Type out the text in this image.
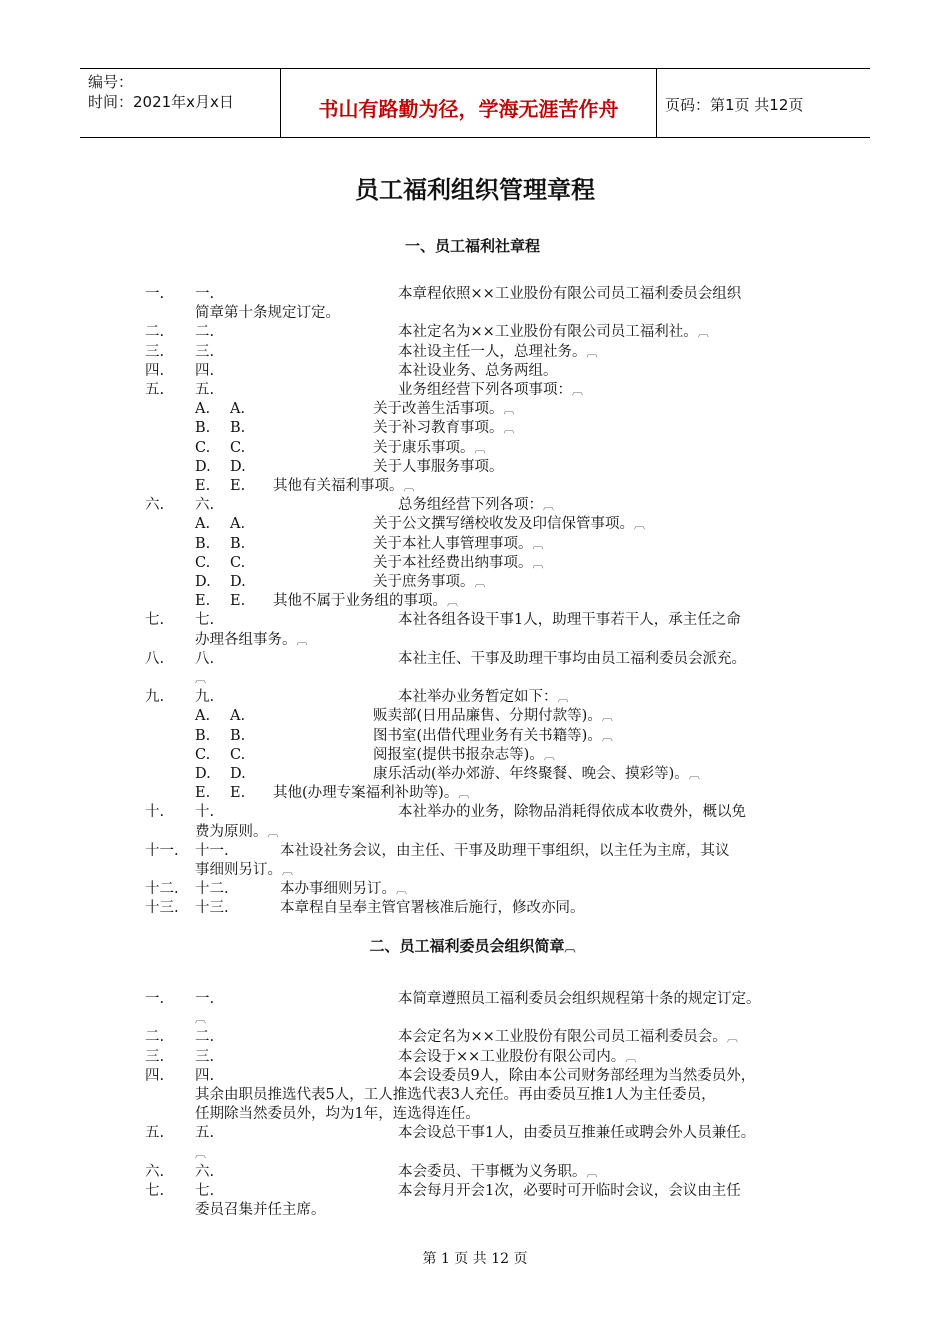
编号：
时间：2021年x月x日	书山有路勤为径，学海无涯苦作舟	页码：第1页 共12页
员工福利组织管理章程
一、员工福利社章程
一. 一.	本章程依照××工业股份有限公司员工福利委员会组织
简章第十条规定订定。
二. 二.	本社定名为××工业股份有限公司员工福利社。︹
三. 三.	本社设主任一人，总理社务。︹
四. 四.	本社设业务、总务两组。
五. 五.	业务组经营下列各项事项：︹
A. A.	关于改善生活事项。︹
B. B.	关于补习教育事项。︹
C. C.	关于康乐事项。︹
D. D.	关于人事服务事项。
E. E. 其他有关福利事项。︹
六. 六.	总务组经营下列各项：︹
A. A.	关于公文撰写缮校收发及印信保管事项。︹
B. B.	关于本社人事管理事项。︹
C. C.	关于本社经费出纳事项。︹
D. D.	关于庶务事项。︹
E. E. 其他不属于业务组的事项。︹
七. 七.	本社各组各设干事1人，助理干事若干人，承主任之命
办理各组事务。︹
八. 八.	本社主任、干事及助理干事均由员工福利委员会派充。
︹
九. 九.	本社举办业务暂定如下：︹
A. A.	贩卖部(日用品廉售、分期付款等)。︹
B. B.	图书室(出借代理业务有关书籍等)。︹
C. C.	阅报室(提供书报杂志等)。︹
D. D.	康乐活动(举办郊游、年终聚餐、晚会、摸彩等)。︹
E. E. 其他(办理专案福利补助等)。︹
十. 十.	本社举办的业务，除物品消耗得依成本收费外，概以免
费为原则。︹
十一. 十一.	本社设社务会议，由主任、干事及助理干事组织，以主任为主席，其议
事细则另订。︹
十二. 十二.	本办事细则另订。︹
十三. 十三.	本章程自呈奉主管官署核准后施行，修改亦同。
二、员工福利委员会组织简章︹
一. 一.	本简章遵照员工福利委员会组织规程第十条的规定订定。
︹
二. 二.	本会定名为××工业股份有限公司员工福利委员会。︹
三. 三.	本会设于××工业股份有限公司内。︹
四. 四.	本会设委员9人，除由本公司财务部经理为当然委员外，
其余由职员推选代表5人，工人推选代表3人充任。再由委员互推1人为主任委员，
任期除当然委员外，均为1年，连选得连任。
五. 五.	本会设总干事1人，由委员互推兼任或聘会外人员兼任。
︹
六. 六.	本会委员、干事概为义务职。︹
七. 七.	本会每月开会1次，必要时可开临时会议，会议由主任
委员召集并任主席。
第 1 页 共 12 页
